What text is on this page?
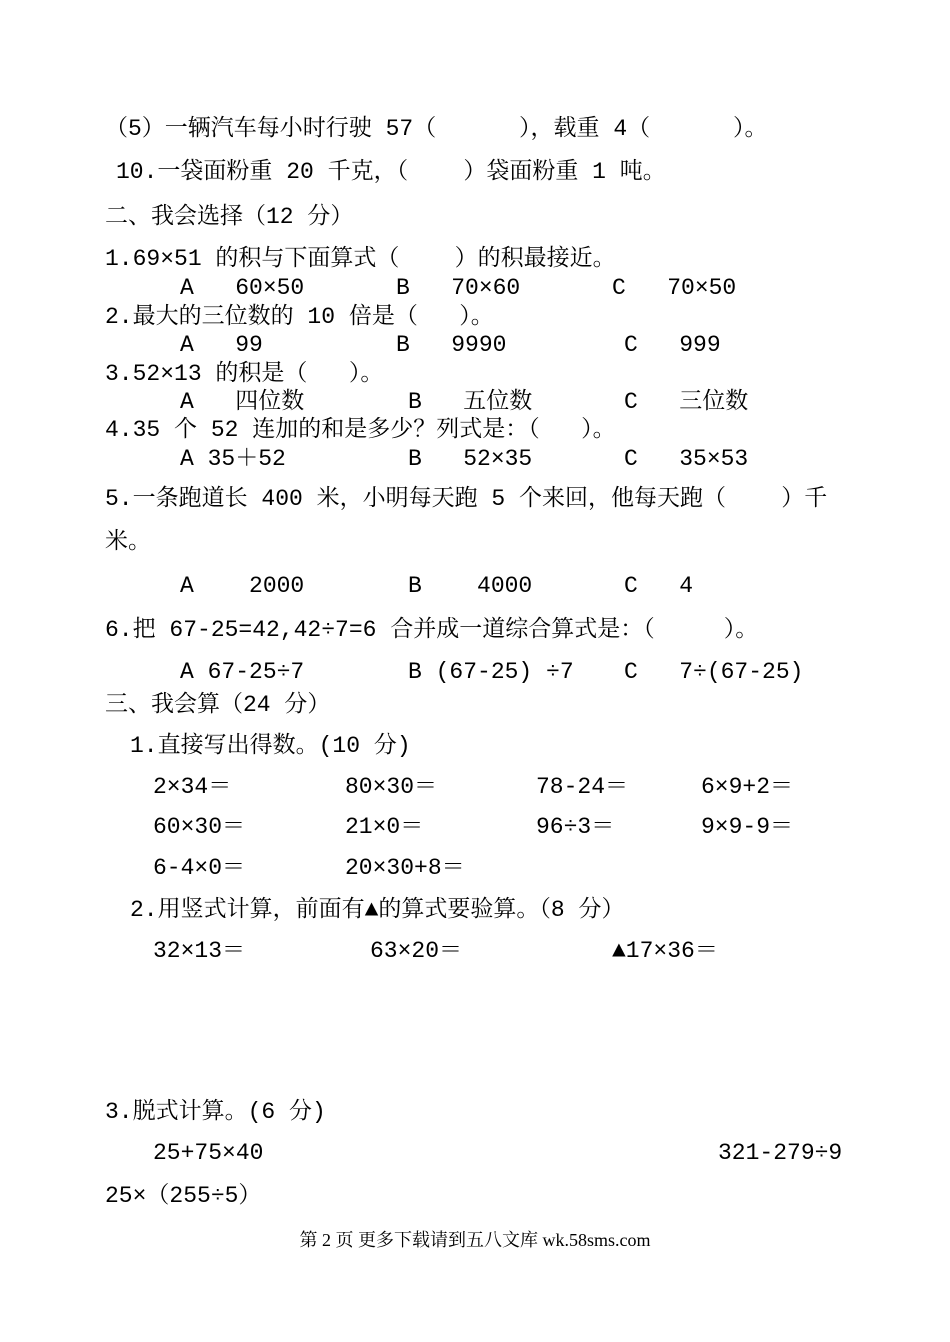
（5）一辆汽车每小时行驶 57（      ），载重 4（      ）。
10.一袋面粉重 20 千克，（    ）袋面粉重 1 吨。
二、我会选择（12 分）
1.69×51 的积与下面算式（    ）的积最接近。
A   60×50	B   70×60	C   70×50
2.最大的三位数的 10 倍是（   ）。
A   99	B   9990	C   999
3.52×13 的积是（   ）。
A   四位数	B   五位数	C   三位数
4.35 个 52 连加的和是多少？列式是：（   ）。
A 35＋52	B   52×35	C   35×53
5.一条跑道长 400 米，小明每天跑 5 个来回，他每天跑（    ）千
米。
A    2000	B    4000	C   4
6.把 67-25=42,42÷7=6 合并成一道综合算式是：（     ）。
A 67-25÷7	B (67-25) ÷7 C   7÷(67-25)
三、我会算（24 分）
1.直接写出得数。(10 分)
2×34＝	80×30＝	78-24＝	6×9+2＝
60×30＝	21×0＝	96÷3＝	9×9-9＝
6-4×0＝	20×30+8＝
2.用竖式计算，前面有▲的算式要验算。（8 分）
32×13＝	63×20＝	▲17×36＝
3.脱式计算。(6 分)
25+75×40	321-279÷9
25×（255÷5）
第 2 页 更多下载请到五八文库 wk.58sms.com
